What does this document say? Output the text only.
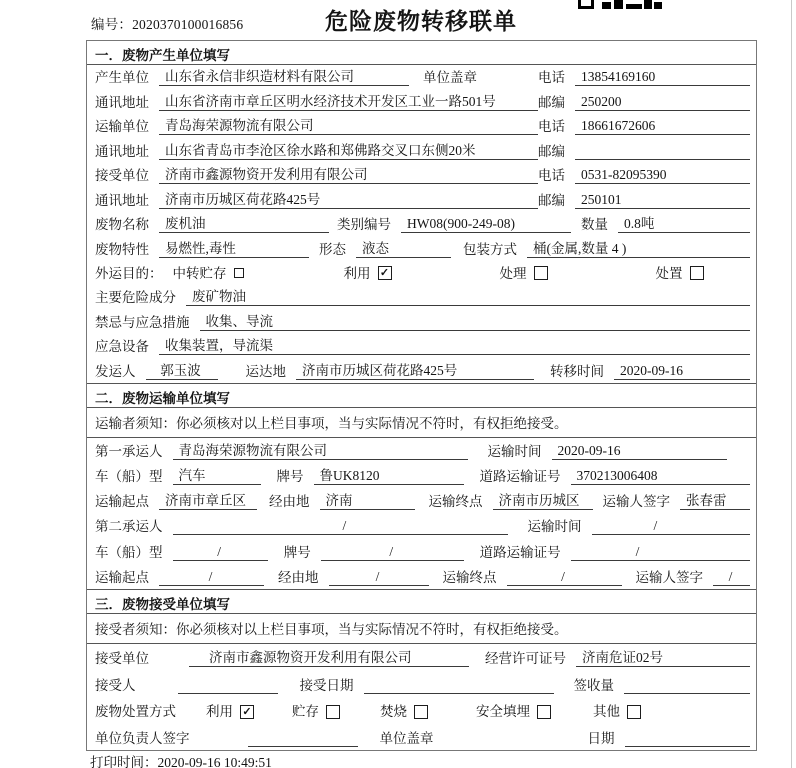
编号：2020370100016856	危险废物转移联单
一．废物产生单位填写
产生单位	山东省永信非织造材料有限公司	单位盖章	电话	13854169160
通讯地址	山东省济南市章丘区明水经济技术开发区工业一路501号	邮编	250200
运输单位	青岛海荣源物流有限公司	电话	18661672606
通讯地址	山东省青岛市李沧区徐水路和郑佛路交叉口东侧20米	邮编
接受单位	济南市鑫源物资开发利用有限公司	电话	0531-82095390
通讯地址	济南市历城区荷花路425号	邮编	250101
废物名称	废机油	类别编号	HW08(900-249-08)	数量	0.8吨
废物特性	易燃性,毒性	形态	液态	包装方式	桶(金属,数量 4 )
外运目的： 中转贮存	利用 ✓	处理	处置
主要危险成分	废矿物油
禁忌与应急措施	收集、导流
应急设备	收集装置，导流渠
发运人	郭玉波	运达地	济南市历城区荷花路425号	转移时间	2020-09-16
二．废物运输单位填写
运输者须知：你必须核对以上栏目事项，当与实际情况不符时，有权拒绝接受。
第一承运人	青岛海荣源物流有限公司	运输时间	2020-09-16
车（船）型	汽车	牌号	鲁UK8120	道路运输证号	370213006408
运输起点	济南市章丘区	经由地	济南	运输终点	济南市历城区	运输人签字	张春雷
第二承运人	/	运输时间	/
车（船）型	/	牌号	/	道路运输证号	/
运输起点	/	经由地	/	运输终点	/	运输人签字	/
三．废物接受单位填写
接受者须知：你必须核对以上栏目事项，当与实际情况不符时，有权拒绝接受。
接受单位	济南市鑫源物资开发利用有限公司	经营许可证号	济南危证02号
接受人	接受日期	签收量
废物处置方式	利用 ✓	贮存	焚烧	安全填埋	其他
单位负责人签字	单位盖章	日期
打印时间：2020-09-16 10:49:51
